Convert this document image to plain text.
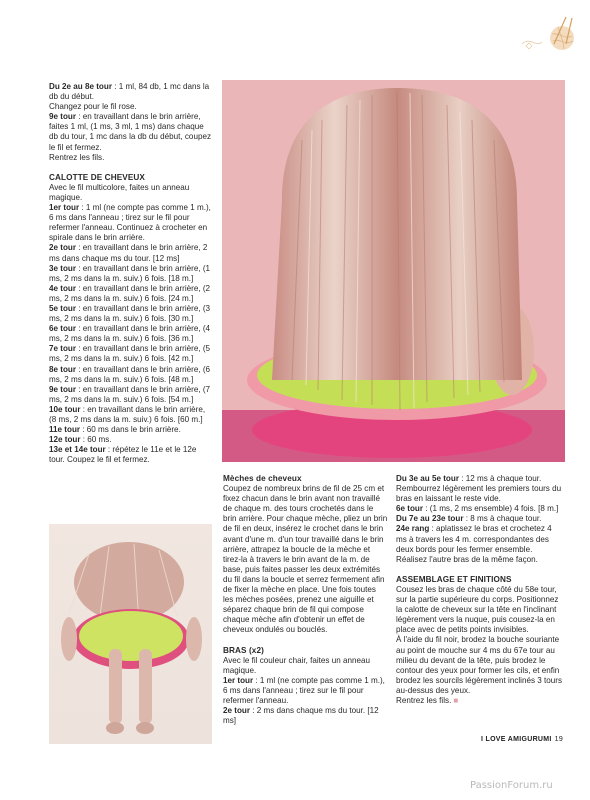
Du 2e au 8e tour : 1 ml, 84 db, 1 mc dans la db du début.

Changez pour le fil rose.

9e tour : en travaillant dans le brin arrière, faites 1 ml, (1 ms, 3 ml, 1 ms) dans chaque db du tour, 1 mc dans la db du début, coupez le fil et fermez.

Rentrez les fils.

CALOTTE DE CHEVEUX

Avec le fil multicolore, faites un anneau magique.

1er tour : 1 ml (ne compte pas comme 1 m.), 6 ms dans l'anneau ; tirez sur le fil pour refermer l'anneau. Continuez à crocheter en spirale dans le brin arrière.

2e tour : en travaillant dans le brin arrière, 2 ms dans chaque ms du tour. [12 ms]

3e tour : en travaillant dans le brin arrière, (1 ms, 2 ms dans la m. suiv.) 6 fois. [18 m.]

4e tour : en travaillant dans le brin arrière, (2 ms, 2 ms dans la m. suiv.) 6 fois. [24 m.]

5e tour : en travaillant dans le brin arrière, (3 ms, 2 ms dans la m. suiv.) 6 fois. [30 m.]

6e tour : en travaillant dans le brin arrière, (4 ms, 2 ms dans la m. suiv.) 6 fois. [36 m.]

7e tour : en travaillant dans le brin arrière, (5 ms, 2 ms dans la m. suiv.) 6 fois. [42 m.]

8e tour : en travaillant dans le brin arrière, (6 ms, 2 ms dans la m. suiv.) 6 fois. [48 m.]

9e tour : en travaillant dans le brin arrière, (7 ms, 2 ms dans la m. suiv.) 6 fois. [54 m.]

10e tour : en travaillant dans le brin arrière, (8 ms, 2 ms dans la m. suiv.) 6 fois. [60 m.]

11e tour : 60 ms dans le brin arrière.

12e tour : 60 ms.

13e et 14e tour : répétez le 11e et le 12e tour. Coupez le fil et fermez.

Mèches de cheveux

Coupez de nombreux brins de fil de 25 cm et fixez chacun dans le brin avant non travaillé de chaque m. des tours crochetés dans le brin arrière. Pour chaque mèche, pliez un brin de fil en deux, insérez le crochet dans le brin avant d'une m. d'un tour travaillé dans le brin arrière, attrapez la boucle de la mèche et tirez-la à travers le brin avant de la m. de base, puis faites passer les deux extrémités du fil dans la boucle et serrez fermement afin de fixer la mèche en place. Une fois toutes les mèches posées, prenez une aiguille et séparez chaque brin de fil qui compose chaque mèche afin d'obtenir un effet de cheveux ondulés ou bouclés.

BRAS (x2)

Avec le fil couleur chair, faites un anneau magique.

1er tour : 1 ml (ne compte pas comme 1 m.), 6 ms dans l'anneau ; tirez sur le fil pour refermer l'anneau.

2e tour : 2 ms dans chaque ms du tour. [12 ms]

Du 3e au 5e tour : 12 ms à chaque tour.

Rembourrez légèrement les premiers tours du bras en laissant le reste vide.

6e tour : (1 ms, 2 ms ensemble) 4 fois. [8 m.]

Du 7e au 23e tour : 8 ms à chaque tour.

24e rang : aplatissez le bras et crochetez 4 ms à travers les 4 m. correspondantes des deux bords pour les fermer ensemble.

Réalisez l'autre bras de la même façon.

ASSEMBLAGE ET FINITIONS

Cousez les bras de chaque côté du 58e tour, sur la partie supérieure du corps. Positionnez la calotte de cheveux sur la tête en l'inclinant légèrement vers la nuque, puis cousez-la en place avec de petits points invisibles.

À l'aide du fil noir, brodez la bouche souriante au point de mouche sur 4 ms du 67e tour au milieu du devant de la tête, puis brodez le contour des yeux pour former les cils, et enfin brodez les sourcils légèrement inclinés 3 tours au-dessus des yeux.

Rentrez les fils. ■

I LOVE AMIGURUMI 19
PassionForum.ru
